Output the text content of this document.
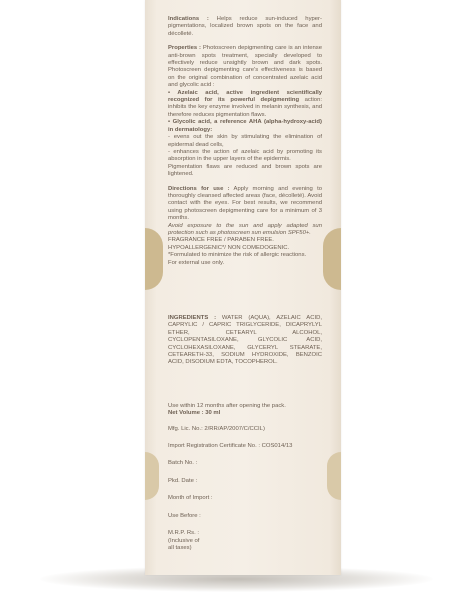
Indications : Helps reduce sun-induced hyper-pigmentations, localized brown spots on the face and décolleté.

Properties : Photoscreen depigmenting care is an intense anti-brown spots treatment, specially developed to effectively reduce unsightly brown and dark spots. Photoscreen depigmenting care's effectiveness is based on the original combination of concentrated azelaic acid and glycolic acid :

• Azelaic acid, active ingredient scientifically recognized for its powerful depigmenting action: inhibits the key enzyme involved in melanin synthesis, and therefore reduces pigmentation flaws.

• Glycolic acid, a reference AHA (alpha-hydroxy-acid) in dermatology:

- evens out the skin by stimulating the elimination of epidermal dead cells,

- enhances the action of azelaic acid by promoting its absorption in the upper layers of the epidermis.

Pigmentation flaws are reduced and brown spots are lightened.

Directions for use : Apply morning and evening to thoroughly cleansed affected areas (face, décolleté). Avoid contact with the eyes. For best results, we recommend using photoscreen depigmenting care for a minimum of 3 months.

Avoid exposure to the sun and apply adapted sun protection such as photoscreen sun emulsion SPF50+.

FRAGRANCE FREE / PARABEN FREE.

HYPOALLERGENIC*/ NON COMEDOGENIC.

*Formulated to minimize the risk of allergic reactions.

For external use only.

INGREDIENTS : WATER (AQUA), AZELAIC ACID, CAPRYLIC / CAPRIC TRIGLYCERIDE, DICAPRYLYL ETHER, CETEARYL ALCOHOL, CYCLOPENTASILOXANE, GLYCOLIC ACID, CYCLOHEXASILOXANE, GLYCERYL STEARATE, CETEARETH-33, SODIUM HYDROXIDE, BENZOIC ACID, DISODIUM EDTA, TOCOPHEROL.

Use within 12 months after opening the pack.

Net Volume : 30 ml

Mfg. Lic. No.: 2/RR/AP/2007/C/CCIL)

Import Registration Certificate No. : COS014/13

Batch No. :

Pkd. Date :

Month of Import :

Use Before :

M.R.P. Rs. :

(Inclusive of

all taxes)
